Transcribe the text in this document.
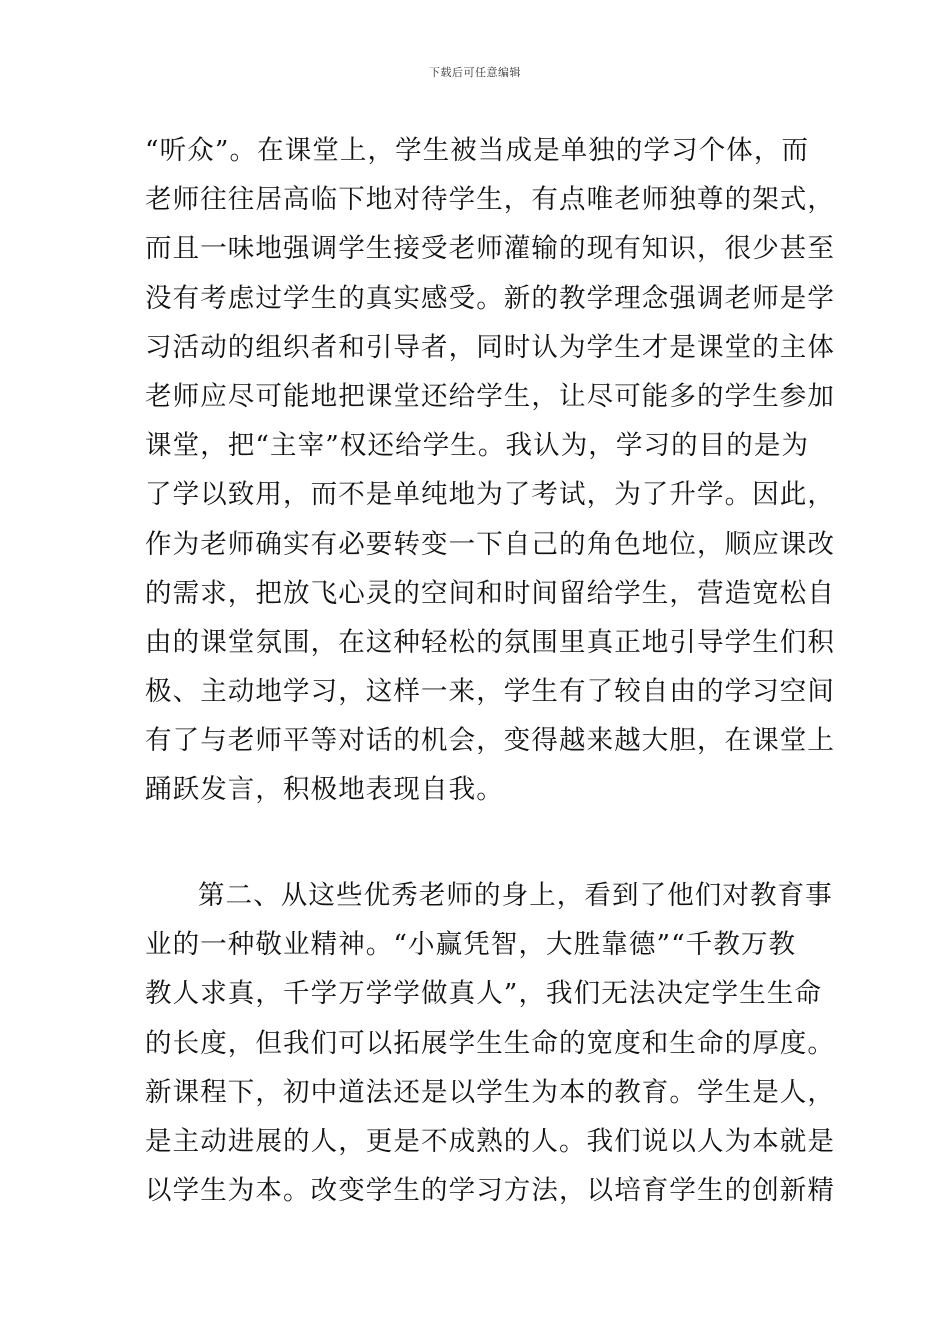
下载后可任意编辑
“听众”。在课堂上，学生被当成是单独的学习个体，而
老师往往居高临下地对待学生，有点唯老师独尊的架式，
而且一味地强调学生接受老师灌输的现有知识，很少甚至
没有考虑过学生的真实感受。新的教学理念强调老师是学
习活动的组织者和引导者，同时认为学生才是课堂的主体
老师应尽可能地把课堂还给学生，让尽可能多的学生参加
课堂，把“主宰”权还给学生。我认为，学习的目的是为
了学以致用，而不是单纯地为了考试，为了升学。因此，
作为老师确实有必要转变一下自己的角色地位，顺应课改
的需求，把放飞心灵的空间和时间留给学生，营造宽松自
由的课堂氛围，在这种轻松的氛围里真正地引导学生们积
极、主动地学习，这样一来，学生有了较自由的学习空间
有了与老师平等对话的机会，变得越来越大胆，在课堂上
踊跃发言，积极地表现自我。
第二、从这些优秀老师的身上，看到了他们对教育事
业的一种敬业精神。“小赢凭智，大胜靠德”“千教万教
教人求真，千学万学学做真人”，我们无法决定学生生命
的长度，但我们可以拓展学生生命的宽度和生命的厚度。
新课程下，初中道法还是以学生为本的教育。学生是人，
是主动进展的人，更是不成熟的人。我们说以人为本就是
以学生为本。改变学生的学习方法，以培育学生的创新精
